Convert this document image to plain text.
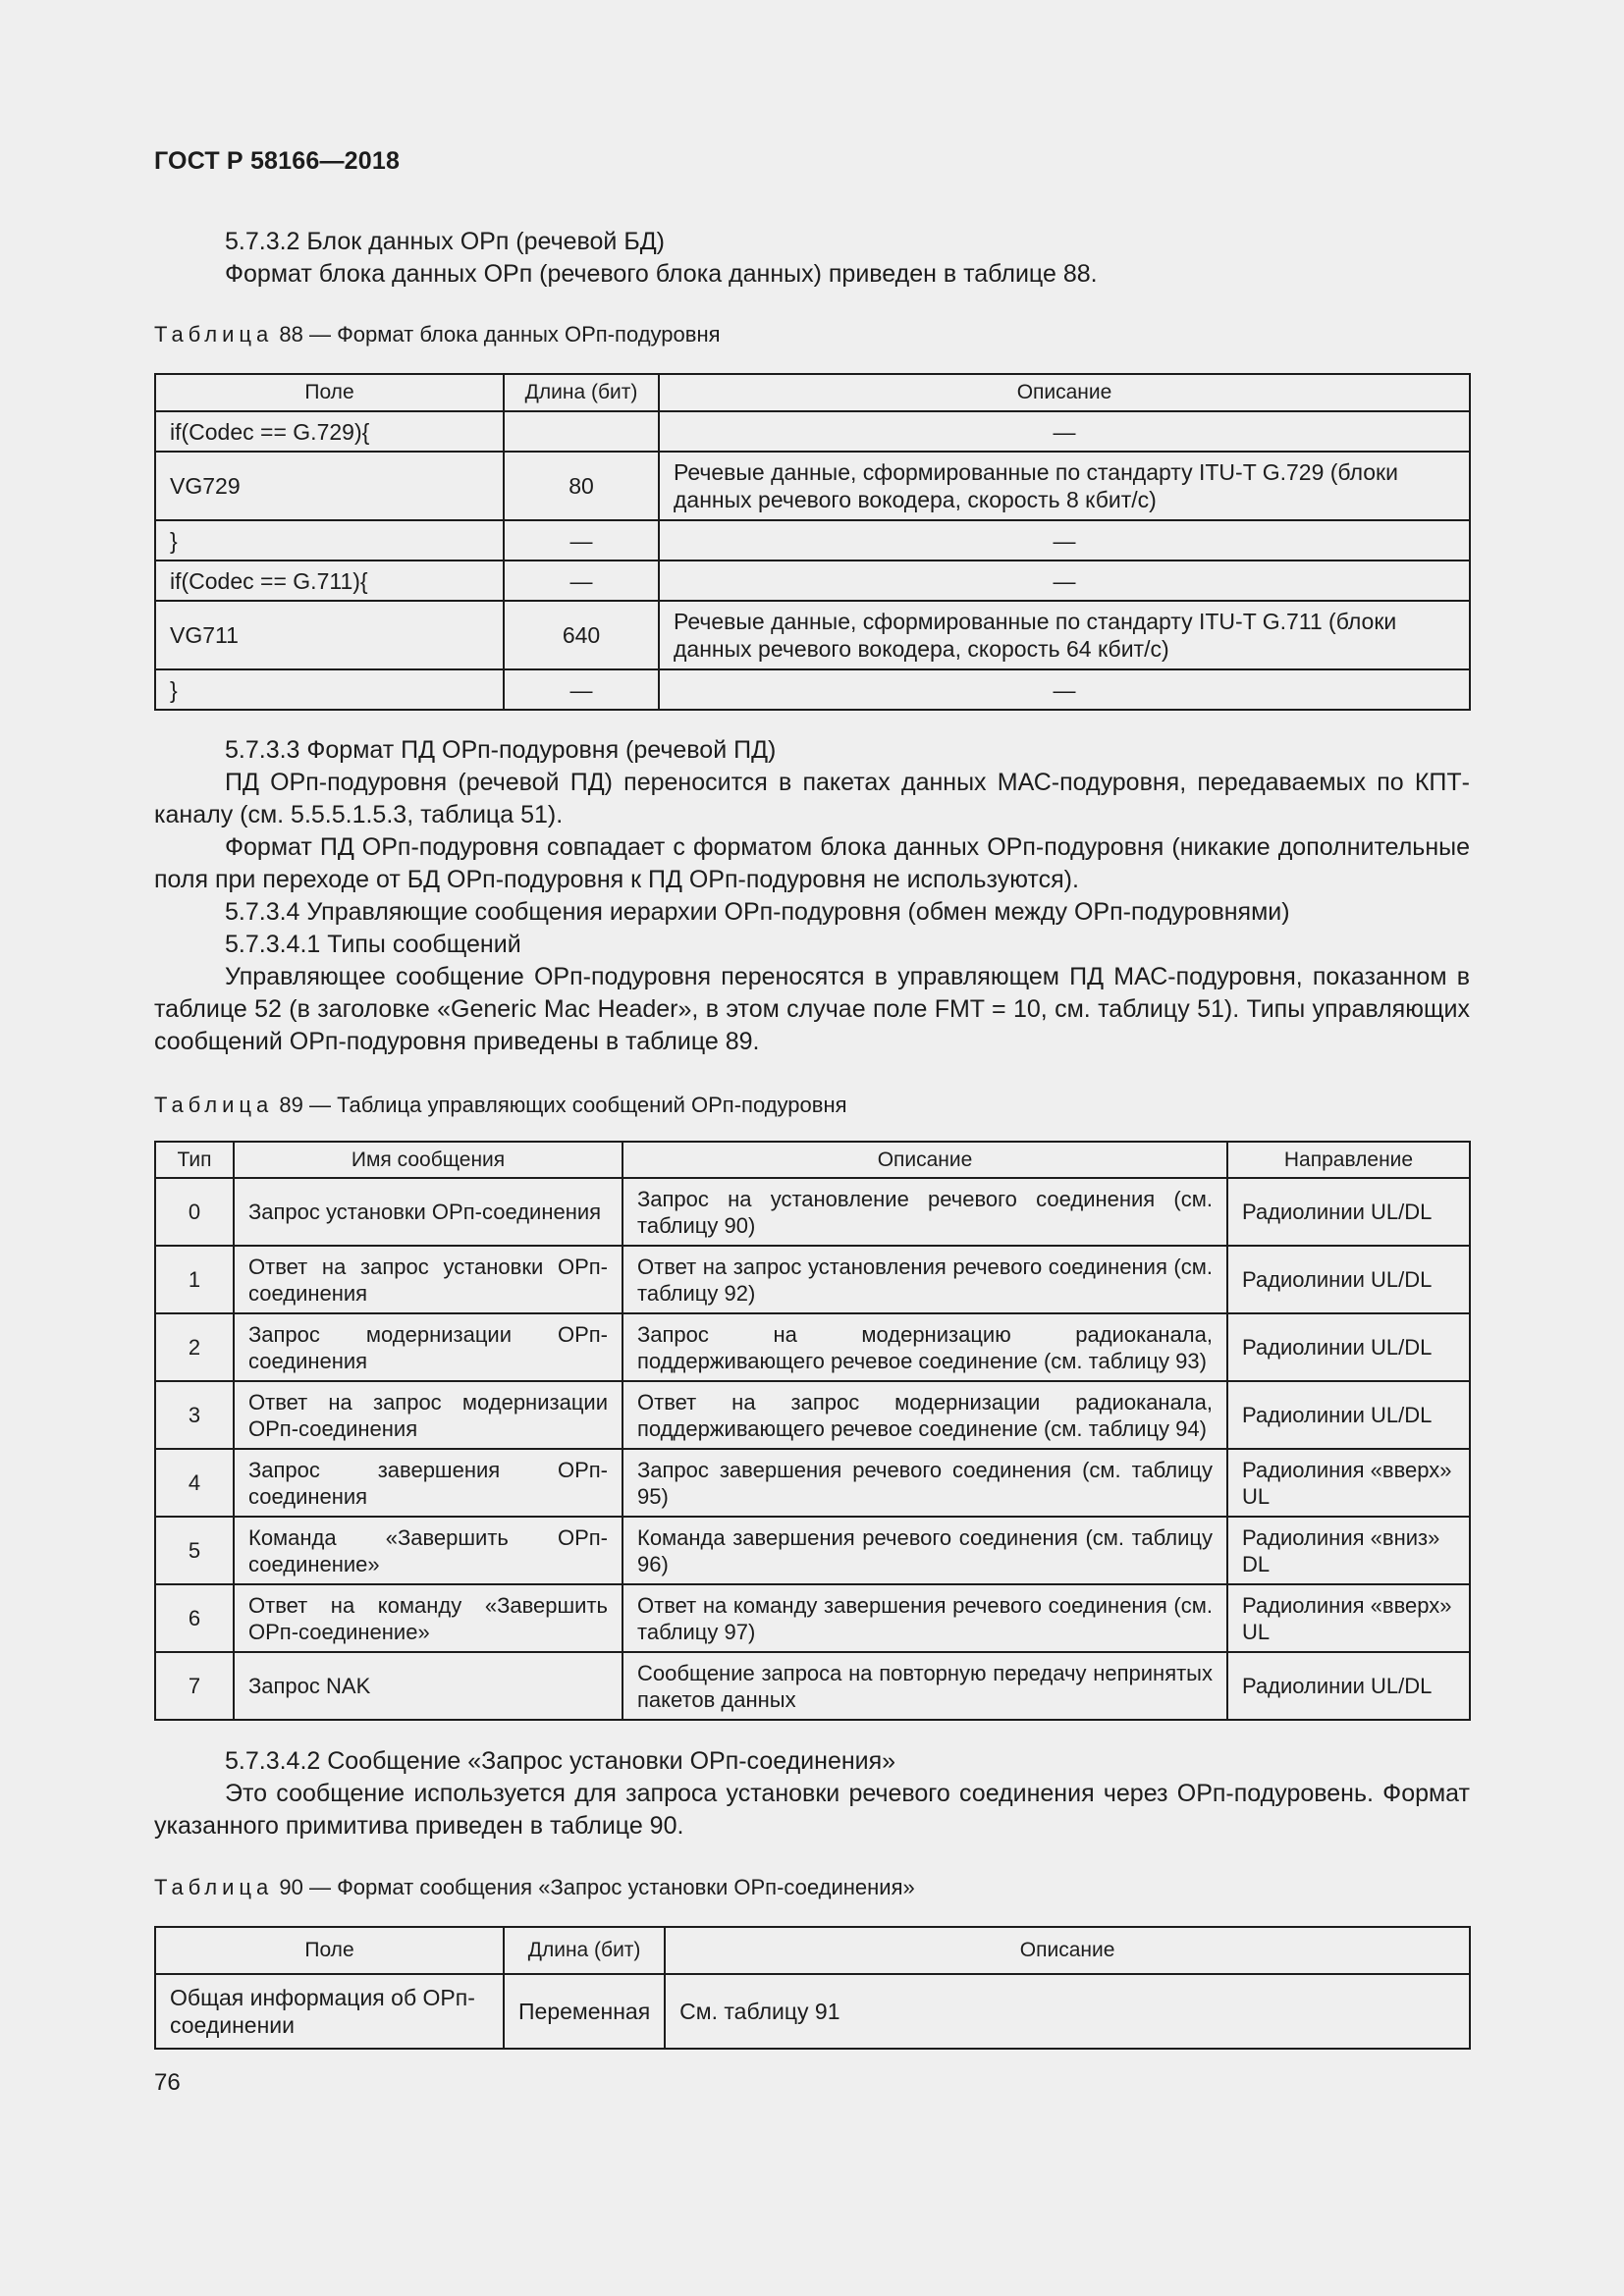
ГОСТ Р 58166—2018

5.7.3.2 Блок данных ОРп (речевой БД)

Формат блока данных ОРп (речевого блока данных) приведен в таблице 88.

Таблица 88 — Формат блока данных ОРп-подуровня
Поле	Длина (бит)	Описание
if(Codec == G.729){		—
VG729	80	Речевые данные, сформированные по стандарту ITU-T G.729 (блоки данных речевого вокодера, скорость 8 кбит/с)
}	—	—
if(Codec == G.711){	—	—
VG711	640	Речевые данные, сформированные по стандарту ITU-T G.711 (блоки данных речевого вокодера, скорость 64 кбит/с)
}	—	—

5.7.3.3 Формат ПД ОРп-подуровня (речевой ПД)

ПД ОРп-подуровня (речевой ПД) переносится в пакетах данных МАС-подуровня, передаваемых по КПТ-каналу (см. 5.5.5.1.5.3, таблица 51).

Формат ПД ОРп-подуровня совпадает с форматом блока данных ОРп-подуровня (никакие дополнительные поля при переходе от БД ОРп-подуровня к ПД ОРп-подуровня не используются).

5.7.3.4 Управляющие сообщения иерархии ОРп-подуровня (обмен между ОРп-подуровнями)

5.7.3.4.1 Типы сообщений

Управляющее сообщение ОРп-подуровня переносятся в управляющем ПД МАС-подуровня, показанном в таблице 52 (в заголовке «Generic Mac Header», в этом случае поле FMT = 10, см. таблицу 51). Типы управляющих сообщений ОРп-подуровня приведены в таблице 89.

Таблица 89 — Таблица управляющих сообщений ОРп-подуровня
Тип	Имя сообщения	Описание	Направление
0	Запрос установки ОРп-соединения	Запрос на установление речевого соединения (см. таблицу 90)	Радиолинии UL/DL
1	Ответ на запрос установки ОРп-соединения	Ответ на запрос установления речевого соединения (см. таблицу 92)	Радиолинии UL/DL
2	Запрос модернизации ОРп-соединения	Запрос на модернизацию радиоканала, поддерживающего речевое соединение (см. таблицу 93)	Радиолинии UL/DL
3	Ответ на запрос модернизации ОРп-соединения	Ответ на запрос модернизации радиоканала, поддерживающего речевое соединение (см. таблицу 94)	Радиолинии UL/DL
4	Запрос завершения ОРп-соединения	Запрос завершения речевого соединения (см. таблицу 95)	Радиолиния «вверх» UL
5	Команда «Завершить ОРп-соединение»	Команда завершения речевого соединения (см. таблицу 96)	Радиолиния «вниз» DL
6	Ответ на команду «Завершить ОРп-соединение»	Ответ на команду завершения речевого соединения (см. таблицу 97)	Радиолиния «вверх» UL
7	Запрос NAK	Сообщение запроса на повторную передачу непринятых пакетов данных	Радиолинии UL/DL

5.7.3.4.2 Сообщение «Запрос установки ОРп-соединения»

Это сообщение используется для запроса установки речевого соединения через ОРп-подуровень. Формат указанного примитива приведен в таблице 90.

Таблица 90 — Формат сообщения «Запрос установки ОРп-соединения»
Поле	Длина (бит)	Описание
Общая информация об ОРп-соединении	Переменная	См. таблицу 91
76
